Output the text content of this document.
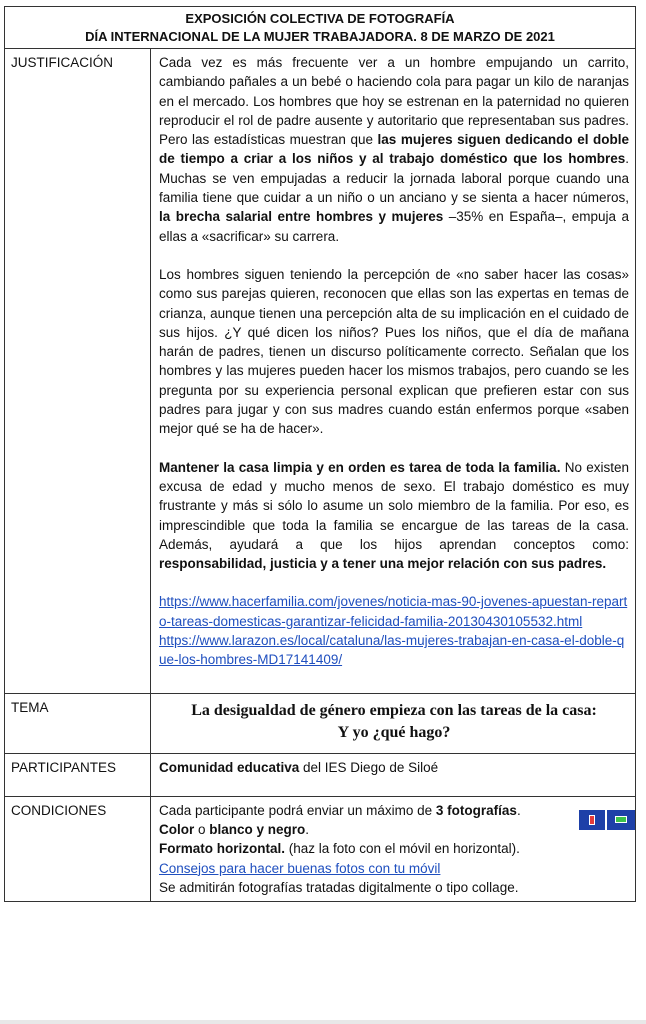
EXPOSICIÓN COLECTIVA DE FOTOGRAFÍA
DÍA INTERNACIONAL DE LA MUJER TRABAJADORA. 8 DE MARZO DE 2021
JUSTIFICACIÓN	Cada vez es más frecuente ver a un hombre empujando un carrito, cambiando pañales a un bebé o haciendo cola para pagar un kilo de naranjas en el mercado. Los hombres que hoy se estrenan en la paternidad no quieren reproducir el rol de padre ausente y autoritario que representaban sus padres. Pero las estadísticas muestran que las mujeres siguen dedicando el doble de tiempo a criar a los niños y al trabajo doméstico que los hombres. Muchas se ven empujadas a reducir la jornada laboral porque cuando una familia tiene que cuidar a un niño o un anciano y se sienta a hacer números, la brecha salarial entre hombres y mujeres –35% en España–, empuja a ellas a «sacrificar» su carrera.

Los hombres siguen teniendo la percepción de «no saber hacer las cosas» como sus parejas quieren, reconocen que ellas son las expertas en temas de crianza, aunque tienen una percepción alta de su implicación en el cuidado de sus hijos. ¿Y qué dicen los niños? Pues los niños, que el día de mañana harán de padres, tienen un discurso políticamente correcto. Señalan que los hombres y las mujeres pueden hacer los mismos trabajos, pero cuando se les pregunta por su experiencia personal explican que prefieren estar con sus padres para jugar y con sus madres cuando están enfermos porque «saben mejor qué se ha de hacer».

Mantener la casa limpia y en orden es tarea de toda la familia. No existen excusa de edad y mucho menos de sexo. El trabajo doméstico es muy frustrante y más si sólo lo asume un solo miembro de la familia. Por eso, es imprescindible que toda la familia se encargue de las tareas de la casa. Además, ayudará a que los hijos aprendan conceptos como: responsabilidad, justicia y a tener una mejor relación con sus padres.

https://www.hacerfamilia.com/jovenes/noticia-mas-90-jovenes-apuestan-reparto-tareas-domesticas-garantizar-felicidad-familia-20130430105532.html
https://www.larazon.es/local/cataluna/las-mujeres-trabajan-en-casa-el-doble-que-los-hombres-MD17141409/

TEMA	La desigualdad de género empieza con las tareas de la casa:
Y yo ¿qué hago?
PARTICIPANTES	Comunidad educativa del IES Diego de Siloé
CONDICIONES	Cada participante podrá enviar un máximo de 3 fotografías.
Color o blanco y negro.
Formato horizontal. (haz la foto con el móvil en horizontal).
Consejos para hacer buenas fotos con tu móvil
Se admitirán fotografías tratadas digitalmente o tipo collage.
